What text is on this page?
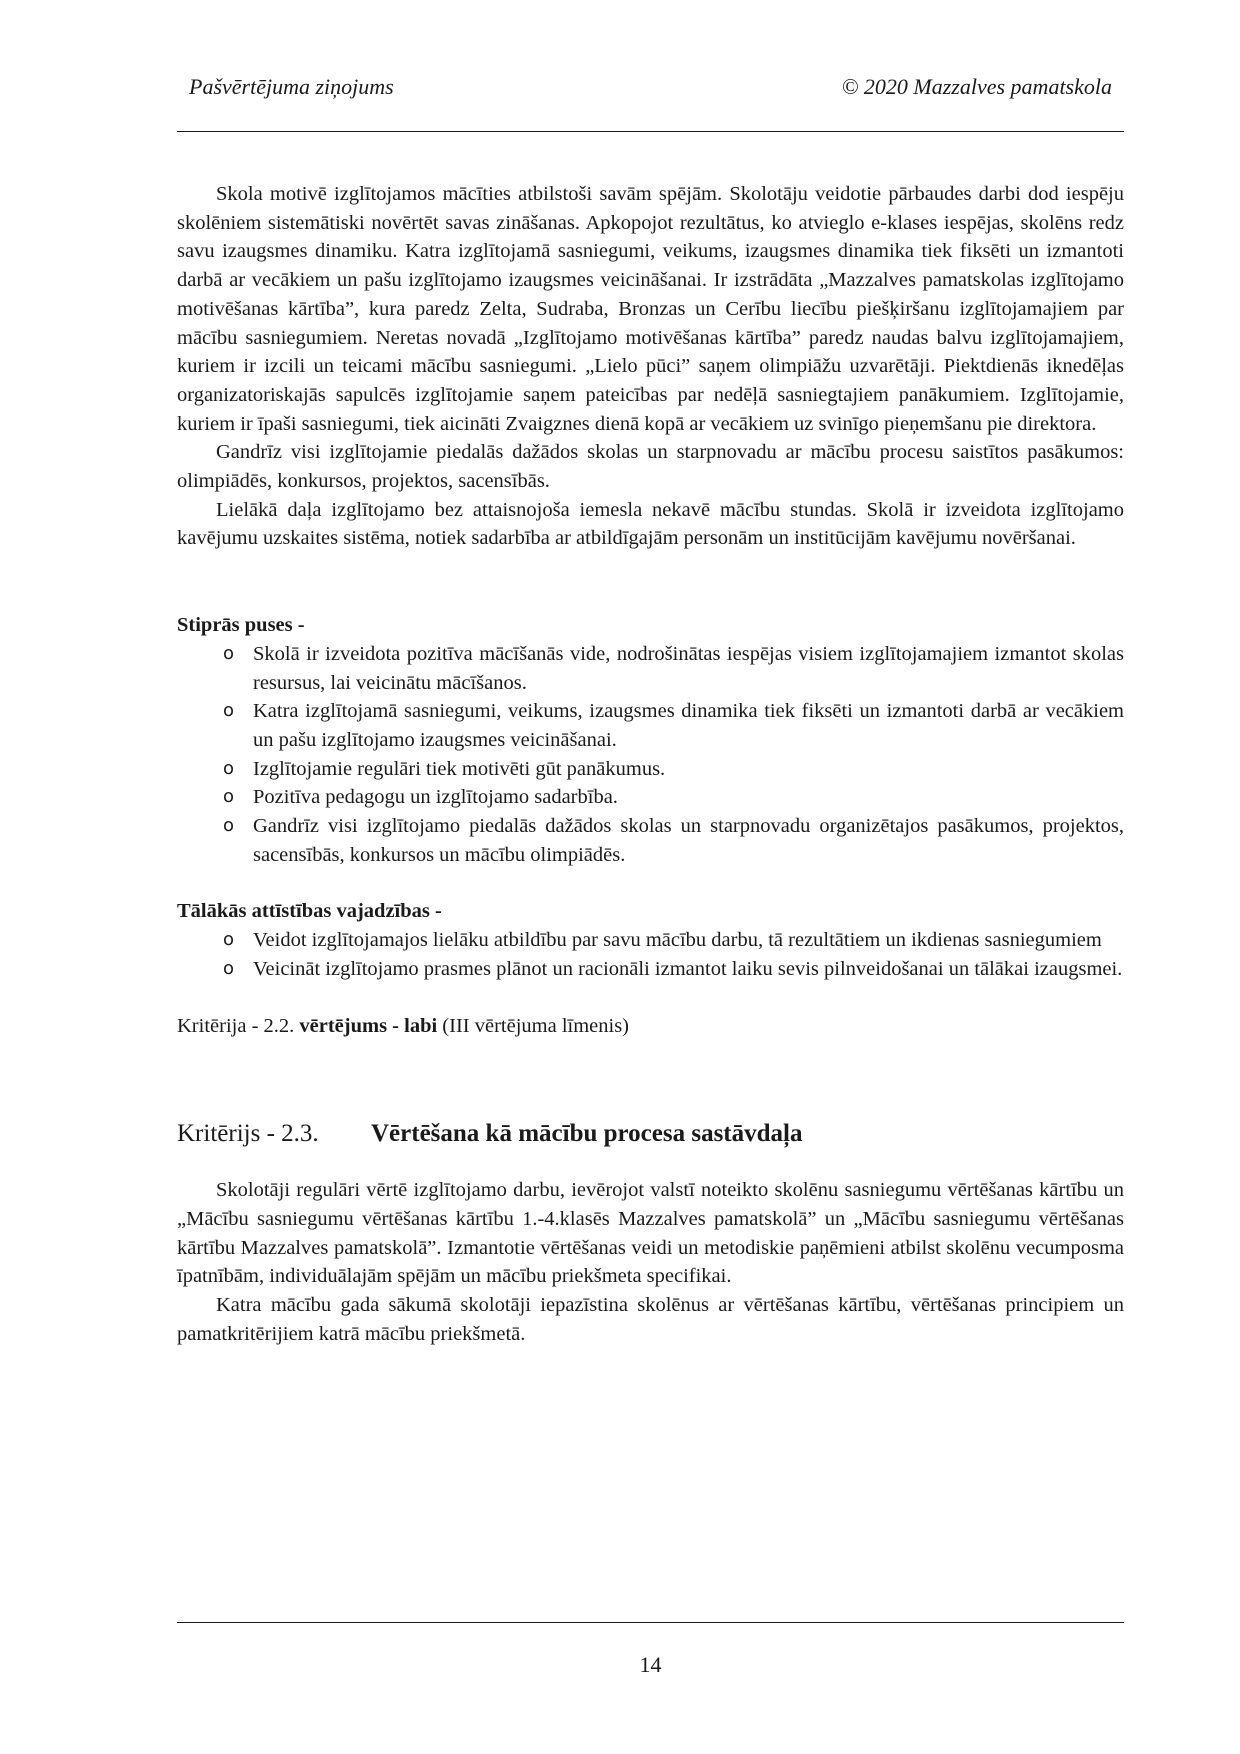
Pašvērtējuma ziņojums	© 2020 Mazzalves pamatskola

Skola motivē izglītojamos mācīties atbilstoši savām spējām. Skolotāju veidotie pārbaudes darbi dod iespēju skolēniem sistemātiski novērtēt savas zināšanas. Apkopojot rezultātus, ko atvieglo e-klases iespējas, skolēns redz savu izaugsmes dinamiku. Katra izglītojamā sasniegumi, veikums, izaugsmes dinamika tiek fiksēti un izmantoti darbā ar vecākiem un pašu izglītojamo izaugsmes veicināšanai. Ir izstrādāta „Mazzalves pamatskolas izglītojamo motivēšanas kārtība”, kura paredz Zelta, Sudraba, Bronzas un Cerību liecību piešķiršanu izglītojamajiem par mācību sasniegumiem. Neretas novadā „Izglītojamo motivēšanas kārtība” paredz naudas balvu izglītojamajiem, kuriem ir izcili un teicami mācību sasniegumi. „Lielo pūci” saņem olimpiāžu uzvarētāji. Piektdienās iknedēļas organizatoriskajās sapulcēs izglītojamie saņem pateicības par nedēļā sasniegtajiem panākumiem. Izglītojamie, kuriem ir īpaši sasniegumi, tiek aicināti Zvaigznes dienā kopā ar vecākiem uz svinīgo pieņemšanu pie direktora.

Gandrīz visi izglītojamie piedalās dažādos skolas un starpnovadu ar mācību procesu saistītos pasākumos: olimpiādēs, konkursos, projektos, sacensībās.

Lielākā daļa izglītojamo bez attaisnojoša iemesla nekavē mācību stundas. Skolā ir izveidota izglītojamo kavējumu uzskaites sistēma, notiek sadarbība ar atbildīgajām personām un institūcijām kavējumu novēršanai.

Stiprās puses -

o Skolā ir izveidota pozitīva mācīšanās vide, nodrošinātas iespējas visiem izglītojamajiem izmantot skolas resursus, lai veicinātu mācīšanos.
o Katra izglītojamā sasniegumi, veikums, izaugsmes dinamika tiek fiksēti un izmantoti darbā ar vecākiem un pašu izglītojamo izaugsmes veicināšanai.
o Izglītojamie regulāri tiek motivēti gūt panākumus.
o Pozitīva pedagogu un izglītojamo sadarbība.
o Gandrīz visi izglītojamo piedalās dažādos skolas un starpnovadu organizētajos pasākumos, projektos, sacensībās, konkursos un mācību olimpiādēs.

Tālākās attīstības vajadzības -

o Veidot izglītojamajos lielāku atbildību par savu mācību darbu, tā rezultātiem un ikdienas sasniegumiem
o Veicināt izglītojamo prasmes plānot un racionāli izmantot laiku sevis pilnveidošanai un tālākai izaugsmei.

Kritērija - 2.2. vērtējums - labi (III vērtējuma līmenis)

Kritērijs - 2.3. Vērtēšana kā mācību procesa sastāvdaļa

Skolotāji regulāri vērtē izglītojamo darbu, ievērojot valstī noteikto skolēnu sasniegumu vērtēšanas kārtību un „Mācību sasniegumu vērtēšanas kārtību 1.-4.klasēs Mazzalves pamatskolā” un „Mācību sasniegumu vērtēšanas kārtību Mazzalves pamatskolā”. Izmantotie vērtēšanas veidi un metodiskie paņēmieni atbilst skolēnu vecumposma īpatnībām, individuālajām spējām un mācību priekšmeta specifikai.

Katra mācību gada sākumā skolotāji iepazīstina skolēnus ar vērtēšanas kārtību, vērtēšanas principiem un pamatkritērijiem katrā mācību priekšmetā.

14
